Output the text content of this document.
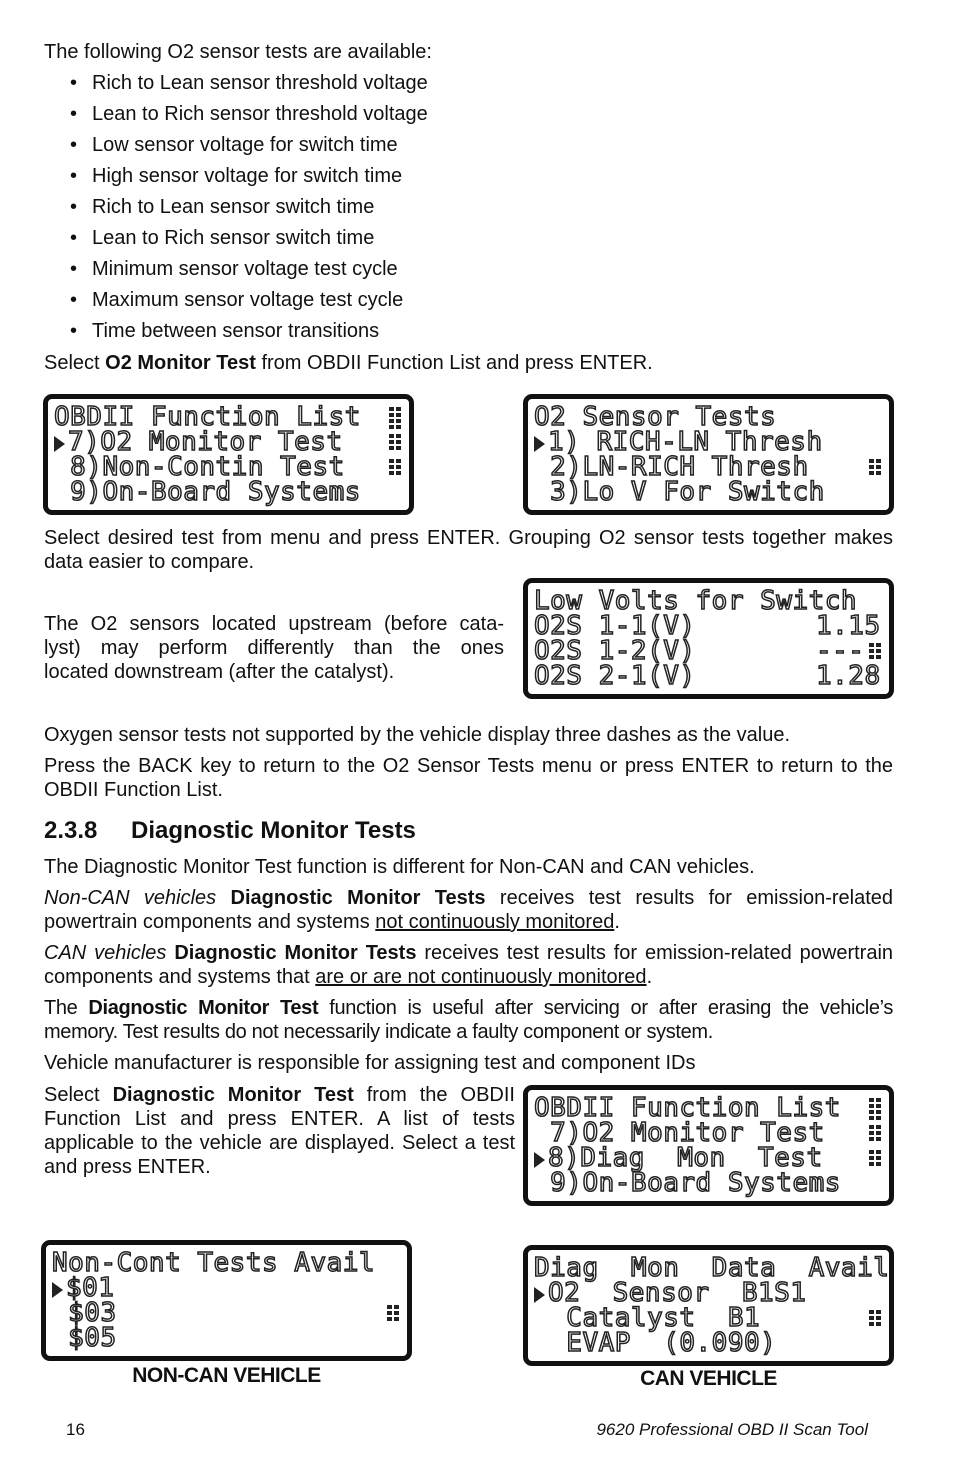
The following O2 sensor tests are available:

• Rich to Lean sensor threshold voltage
• Lean to Rich sensor threshold voltage
• Low sensor voltage for switch time
• High sensor voltage for switch time
• Rich to Lean sensor switch time
• Lean to Rich sensor switch time
• Minimum sensor voltage test cycle
• Maximum sensor voltage test cycle
• Time between sensor transitions

Select O2 Monitor Test from OBDII Function List and press ENTER.

OBDII Function List
7)O2 Monitor Test
8)Non-Contin Test
9)On-Board Systems
O2 Sensor Tests
1) RICH-LN Thresh
2)LN-RICH Thresh
3)Lo V For Switch

Select desired test from menu and press ENTER. Grouping O2 sensor tests together makes data easier to compare.

The O2 sensors located upstream (before cata-
lyst) may perform differently than the ones
located downstream (after the catalyst).
Low Volts for Switch
O2S 1-1(V)	1.15
O2S 1-2(V)	---
O2S 2-1(V)	1.28

Oxygen sensor tests not supported by the vehicle display three dashes as the value.

Press the BACK key to return to the O2 Sensor Tests menu or press ENTER to return to the OBDII Function List.

2.3.8 Diagnostic Monitor Tests

The Diagnostic Monitor Test function is different for Non-CAN and CAN vehicles.

Non-CAN vehicles Diagnostic Monitor Tests receives test results for emission-related powertrain components and systems not continuously monitored.

CAN vehicles Diagnostic Monitor Tests receives test results for emission-related powertrain components and systems that are or are not continuously monitored.

The Diagnostic Monitor Test function is useful after servicing or after erasing the vehicle’s memory. Test results do not necessarily indicate a faulty component or system.

Vehicle manufacturer is responsible for assigning test and component IDs

Select Diagnostic Monitor Test from the OBDII Function List and press ENTER. A list of tests applicable to the vehicle are displayed. Select a test and press ENTER.

OBDII Function List
7)O2 Monitor Test
8)Diag  Mon  Test
9)On-Board Systems
Non-Cont Tests Avail
$01
$03
$05
NON-CAN VEHICLE
Diag  Mon  Data  Avail
O2  Sensor  B1S1
Catalyst  B1
EVAP  (0.090)
CAN VEHICLE
16	9620 Professional OBD II Scan Tool
